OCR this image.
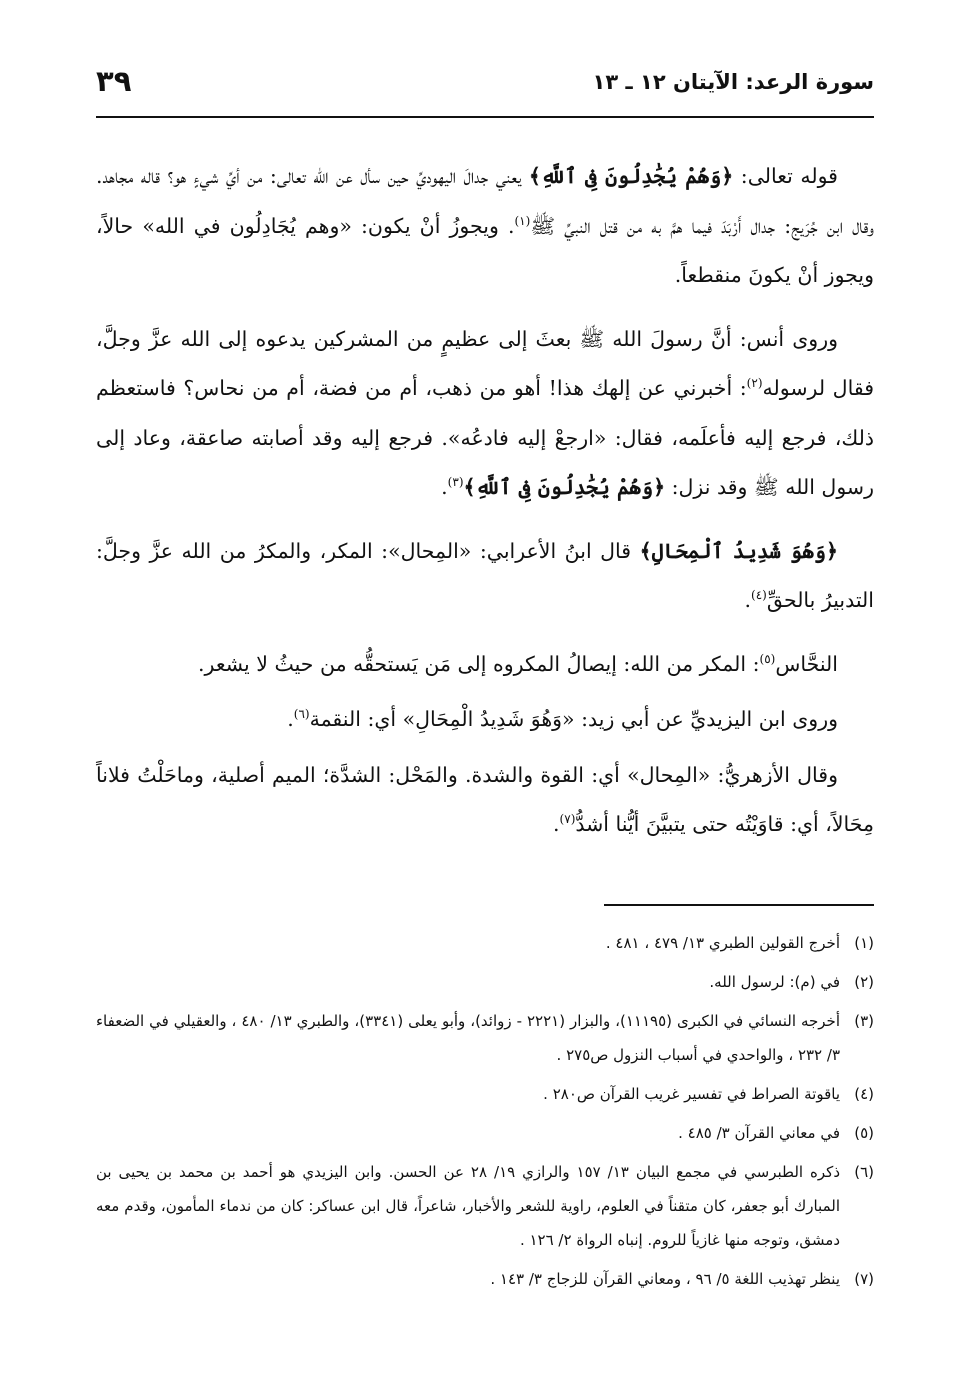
سورة الرعد: الآيتان ١٢ ـ ١٣
٣٩

قوله تعالى: ﴿وَهُمْ يُجَٰدِلُونَ فِى ٱللَّهِ﴾ يعني جدالَ اليهوديِّ حين سأل عن الله تعالى: من أيِّ شيءٍ هو؟ قاله مجاهد. وقال ابن جُرَيج: جدال أَرْبَدَ فيما همَّ به من قتل النبيِّ ﷺ$^{(١)}$. ويجوزُ أنْ يكون: «وهم يُجَادِلُون في الله» حالاً، ويجوز أنْ يكونَ منقطعاً.

وروى أنس: أنَّ رسولَ الله ﷺ بعثَ إلى عظيمٍ من المشركين يدعوه إلى الله عزَّ وجلَّ، فقال لرسوله$^{(٢)}$: أخبرني عن إلهك هذا! أهو من ذهب، أم من فضة، أم من نحاس؟ فاستعظم ذلك، فرجع إليه فأعلَمه، فقال: «ارجعْ إليه فادعُه». فرجع إليه وقد أصابته صاعقة، وعاد إلى رسول الله ﷺ وقد نزل: ﴿وَهُمْ يُجَٰدِلُونَ فِى ٱللَّهِ﴾$^{(٣)}$.

﴿وَهُوَ شَدِيدُ ٱلْمِحَالِ﴾ قال ابنُ الأعرابي: «المِحال»: المكر، والمكرُ من الله عزَّ وجلَّ: التدبيرُ بالحقِّ$^{(٤)}$.

النحَّاس$^{(٥)}$: المكر من الله: إيصالُ المكروه إلى مَن يَستحقُّه من حيثُ لا يشعر.

وروى ابن اليزيديِّ عن أبي زيد: «وَهُوَ شَدِيدُ الْمِحَالِ» أي: النقمة$^{(٦)}$.

وقال الأزهريُّ: «المِحال» أي: القوة والشدة. والمَحْل: الشدَّة؛ الميم أصلية، وماحَلْتُ فلاناً مِحَالاً، أي: قاوَيْتُه حتى يتبيَّنَ أيُّنا أشدُّ$^{(٧)}$.

(١)
أخرج القولين الطبري ١٣/ ٤٧٩ ، ٤٨١ .
(٢)
في (م): لرسول الله.
(٣)
أخرجه النسائي في الكبرى (١١١٩٥)، والبزار (٢٢٢١ - زوائد)، وأبو يعلى (٣٣٤١)، والطبري ١٣/ ٤٨٠ ، والعقيلي في الضعفاء ٣/ ٢٣٢ ، والواحدي في أسباب النزول ص٢٧٥ .
(٤)
ياقوتة الصراط في تفسير غريب القرآن ص٢٨٠ .
(٥)
في معاني القرآن ٣/ ٤٨٥ .
(٦)
ذكره الطبرسي في مجمع البيان ١٣/ ١٥٧ والرازي ١٩/ ٢٨ عن الحسن. وابن اليزيدي هو أحمد بن محمد بن يحيى بن المبارك أبو جعفر، كان متقناً في العلوم، راوية للشعر والأخبار، شاعراً، قال ابن عساكر: كان من ندماء المأمون، وقدم معه دمشق، وتوجه منها غازياً للروم. إنباه الرواة ٢/ ١٢٦ .
(٧)
ينظر تهذيب اللغة ٥/ ٩٦ ، ومعاني القرآن للزجاج ٣/ ١٤٣ .
